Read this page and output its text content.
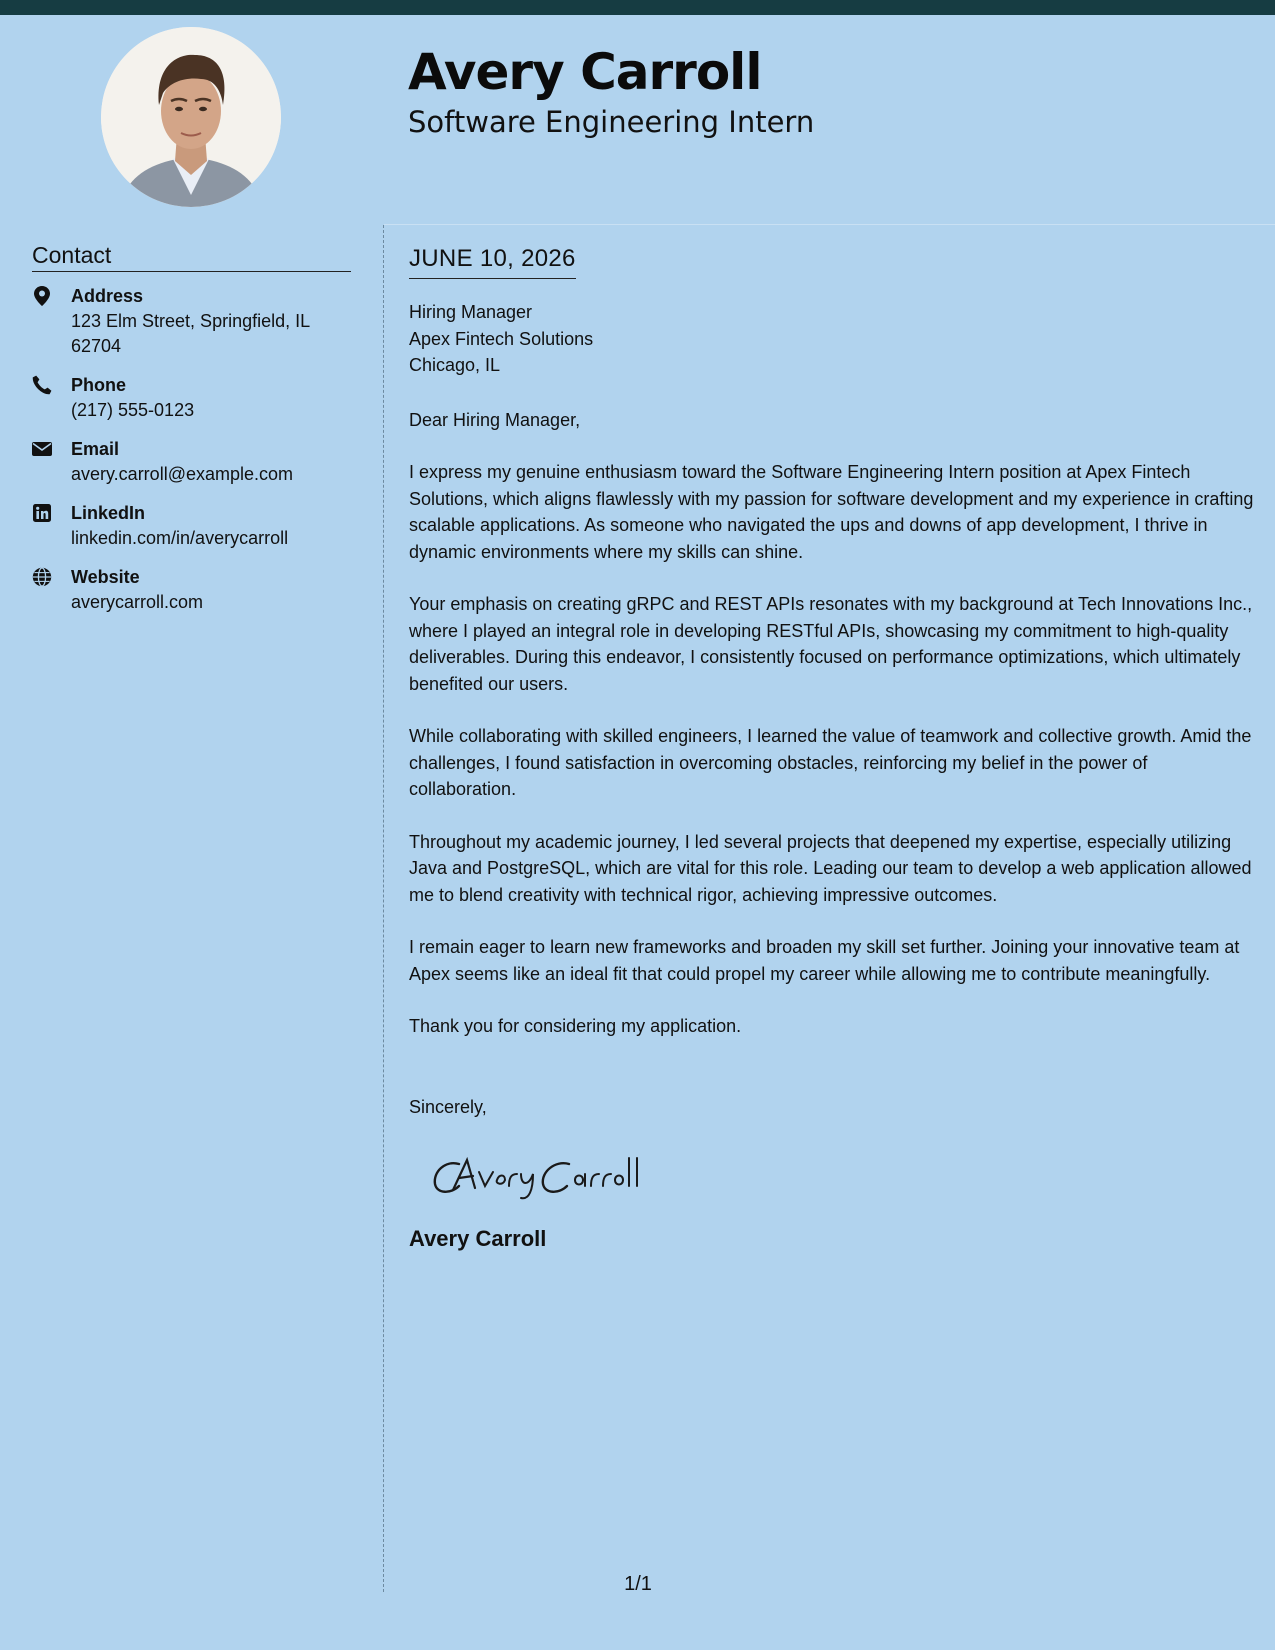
Avery Carroll
Software Engineering Intern
Contact
Address
123 Elm Street, Springfield, IL
62704
Phone
(217) 555-0123
Email
avery.carroll@example.com
LinkedIn
linkedin.com/in/averycarroll
Website
averycarroll.com
JUNE 10, 2026
Hiring Manager
Apex Fintech Solutions
Chicago, IL

Dear Hiring Manager,

I express my genuine enthusiasm toward the Software Engineering Intern position at Apex Fintech Solutions, which aligns flawlessly with my passion for software development and my experience in crafting scalable applications. As someone who navigated the ups and downs of app development, I thrive in dynamic environments where my skills can shine.

Your emphasis on creating gRPC and REST APIs resonates with my background at Tech Innovations Inc., where I played an integral role in developing RESTful APIs, showcasing my commitment to high-quality deliverables. During this endeavor, I consistently focused on performance optimizations, which ultimately benefited our users.

While collaborating with skilled engineers, I learned the value of teamwork and collective growth. Amid the challenges, I found satisfaction in overcoming obstacles, reinforcing my belief in the power of collaboration.

Throughout my academic journey, I led several projects that deepened my expertise, especially utilizing Java and PostgreSQL, which are vital for this role. Leading our team to develop a web application allowed me to blend creativity with technical rigor, achieving impressive outcomes.

I remain eager to learn new frameworks and broaden my skill set further. Joining your innovative team at Apex seems like an ideal fit that could propel my career while allowing me to contribute meaningfully.

Thank you for considering my application.

Sincerely,
Avery Carroll
1/1
